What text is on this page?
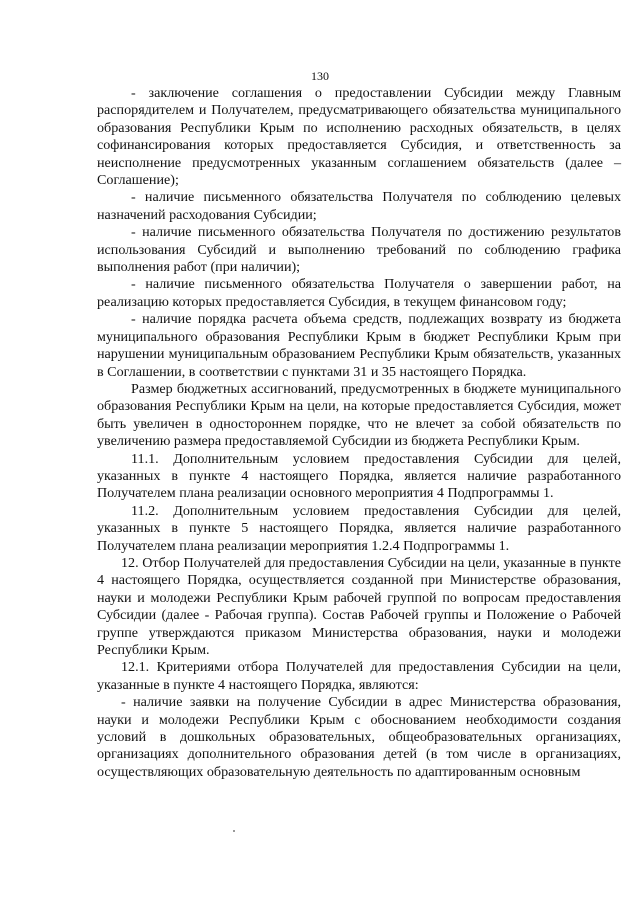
130

- заключение соглашения о предоставлении Субсидии между Главным распорядителем и Получателем, предусматривающего обязательства муниципального образования Республики Крым по исполнению расходных обязательств, в целях софинансирования которых предоставляется Субсидия, и ответственность за неисполнение предусмотренных указанным соглашением обязательств (далее – Соглашение);

- наличие письменного обязательства Получателя по соблюдению целевых назначений расходования Субсидии;

- наличие письменного обязательства Получателя по достижению результатов использования Субсидий и выполнению требований по соблюдению графика выполнения работ (при наличии);

- наличие письменного обязательства Получателя о завершении работ, на реализацию которых предоставляется Субсидия, в текущем финансовом году;

- наличие порядка расчета объема средств, подлежащих возврату из бюджета муниципального образования Республики Крым в бюджет Республики Крым при нарушении муниципальным образованием Республики Крым обязательств, указанных в Соглашении, в соответствии с пунктами 31 и 35 настоящего Порядка.

Размер бюджетных ассигнований, предусмотренных в бюджете муниципального образования Республики Крым на цели, на которые предоставляется Субсидия, может быть увеличен в одностороннем порядке, что не влечет за собой обязательств по увеличению размера предоставляемой Субсидии из бюджета Республики Крым.

11.1. Дополнительным условием предоставления Субсидии для целей, указанных в пункте 4 настоящего Порядка, является наличие разработанного Получателем плана реализации основного мероприятия 4 Подпрограммы 1.

11.2. Дополнительным условием предоставления Субсидии для целей, указанных в пункте 5 настоящего Порядка, является наличие разработанного Получателем плана реализации мероприятия 1.2.4 Подпрограммы 1.

12. Отбор Получателей для предоставления Субсидии на цели, указанные в пункте 4 настоящего Порядка, осуществляется созданной при Министерстве образования, науки и молодежи Республики Крым рабочей группой по вопросам предоставления Субсидии (далее - Рабочая группа). Состав Рабочей группы и Положение о Рабочей группе утверждаются приказом Министерства образования, науки и молодежи Республики Крым.

12.1. Критериями отбора Получателей для предоставления Субсидии на цели, указанные в пункте 4 настоящего Порядка, являются:

- наличие заявки на получение Субсидии в адрес Министерства образования, науки и молодежи Республики Крым с обоснованием необходимости создания условий в дошкольных образовательных, общеобразовательных организациях, организациях дополнительного образования детей (в том числе в организациях, осуществляющих образовательную деятельность по адаптированным основным
